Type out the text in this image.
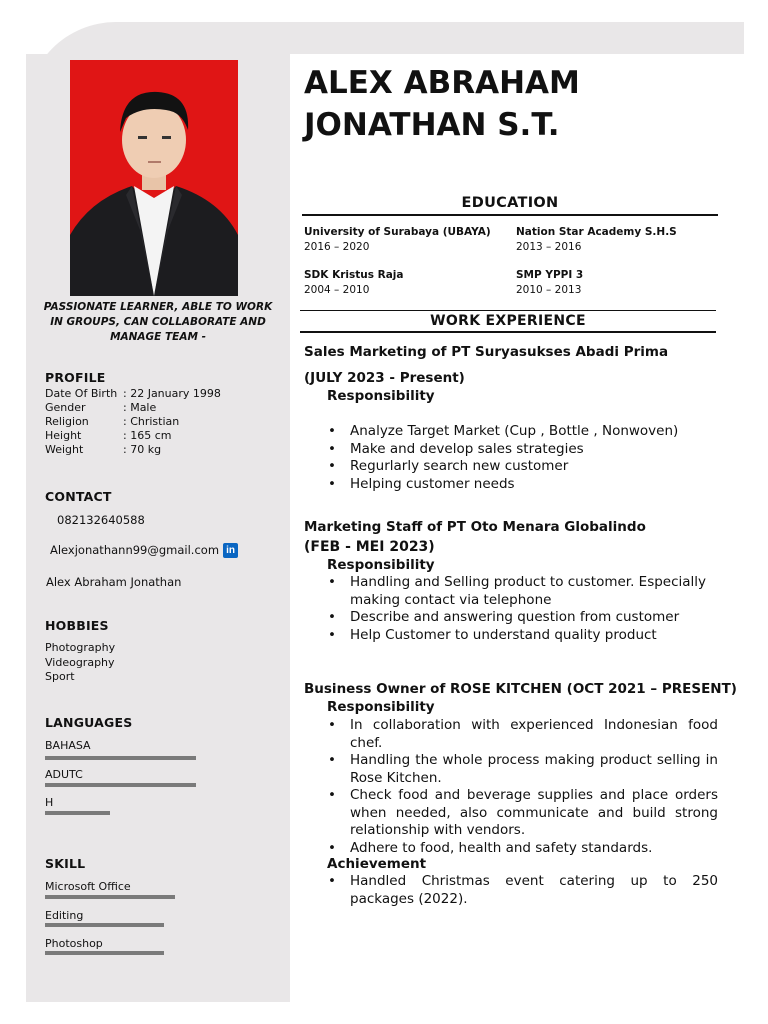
PASSIONATE LEARNER, ABLE TO WORK IN GROUPS, CAN COLLABORATE AND MANAGE TEAM -
PROFILE
Date Of Birth : 22 January 1998
Gender	: Male
Religion	: Christian
Height	: 165 cm
Weight	: 70 kg
CONTACT
082132640588
Alexjonathann99@gmail.com in
Alex Abraham Jonathan
HOBBIES
Photography
Videography
Sport
LANGUAGES
BAHASA
ADUTC
H
SKILL
Microsoft Office
Editing
Photoshop
ALEX ABRAHAM
JONATHAN S.T.
EDUCATION
University of Surabaya (UBAYA)
2016 – 2020
Nation Star Academy S.H.S
2013 – 2016
SDK Kristus Raja
2004 – 2010
SMP YPPI 3
2010 – 2013
WORK EXPERIENCE
Sales Marketing of PT Suryasukses Abadi Prima
(JULY 2023 - Present)
Responsibility
• Analyze Target Market (Cup , Bottle , Nonwoven)
• Make and develop sales strategies
• Regurlarly search new customer
• Helping customer needs
Marketing Staff of PT Oto Menara Globalindo
(FEB - MEI 2023)
Responsibility
• Handling and Selling product to customer. Especially making contact via telephone
• Describe and answering question from customer
• Help Customer to understand quality product
Business Owner of ROSE KITCHEN (OCT 2021 – PRESENT)
Responsibility
• In collaboration with experienced Indonesian food chef.
• Handling the whole process making product selling in Rose Kitchen.
• Check food and beverage supplies and place orders when needed, also communicate and build strong relationship with vendors.
• Adhere to food, health and safety standards.
Achievement
• Handled Christmas event catering up to 250 packages (2022).
